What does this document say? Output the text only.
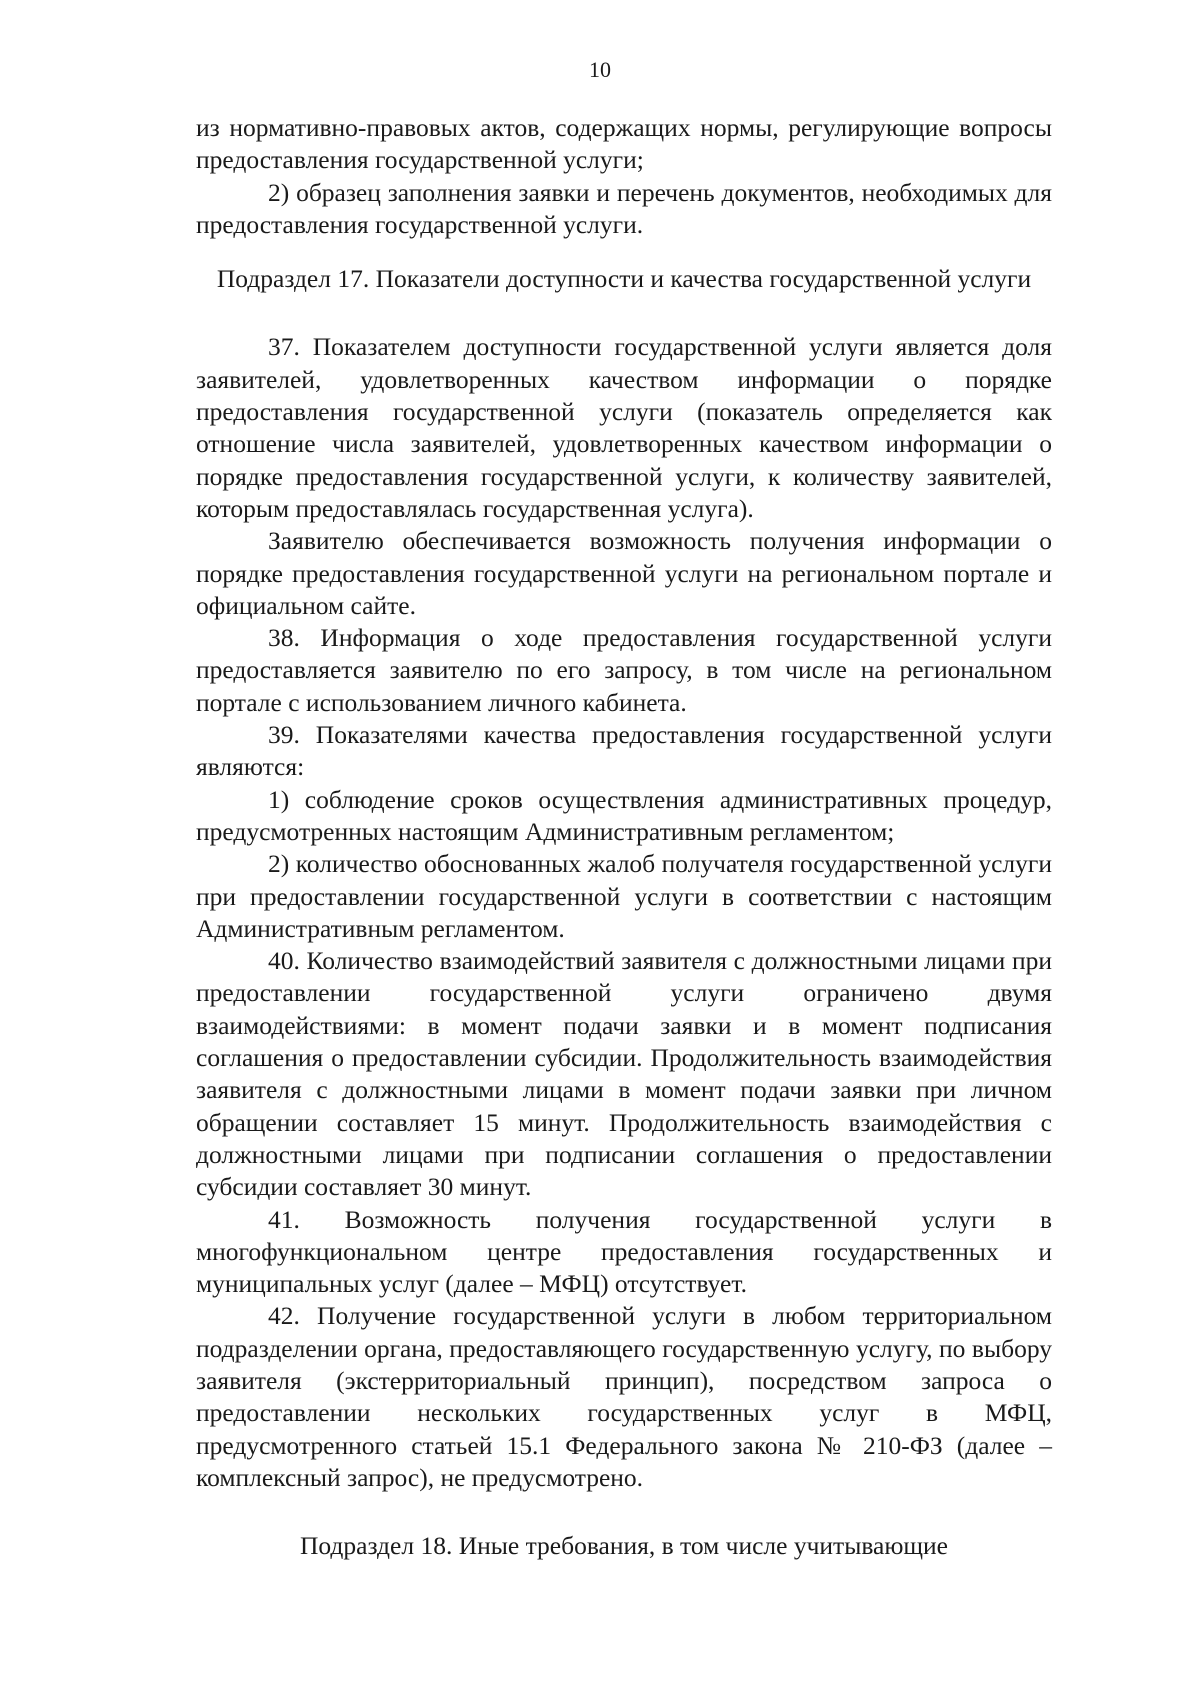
10

из нормативно-правовых актов, содержащих нормы, регулирующие вопросы предоставления государственной услуги;

2) образец заполнения заявки и перечень документов, необходимых для предоставления государственной услуги.

Подраздел 17. Показатели доступности и качества государственной услуги

37. Показателем доступности государственной услуги является доля заявителей, удовлетворенных качеством информации о порядке предоставления государственной услуги (показатель определяется как отношение числа заявителей, удовлетворенных качеством информации о порядке предоставления государственной услуги, к количеству заявителей, которым предоставлялась государственная услуга).

Заявителю обеспечивается возможность получения информации о порядке предоставления государственной услуги на региональном портале и официальном сайте.

38. Информация о ходе предоставления государственной услуги предоставляется заявителю по его запросу, в том числе на региональном портале с использованием личного кабинета.

39. Показателями качества предоставления государственной услуги являются:

1) соблюдение сроков осуществления административных процедур, предусмотренных настоящим Административным регламентом;

2) количество обоснованных жалоб получателя государственной услуги при предоставлении государственной услуги в соответствии с настоящим Административным регламентом.

40. Количество взаимодействий заявителя с должностными лицами при предоставлении государственной услуги ограничено двумя взаимодействиями: в момент подачи заявки и в момент подписания соглашения о предоставлении субсидии. Продолжительность взаимодействия заявителя с должностными лицами в момент подачи заявки при личном обращении составляет 15 минут. Продолжительность взаимодействия с должностными лицами при подписании соглашения о предоставлении субсидии составляет 30 минут.

41. Возможность получения государственной услуги в многофункциональном центре предоставления государственных и муниципальных услуг (далее – МФЦ) отсутствует.

42. Получение государственной услуги в любом территориальном подразделении органа, предоставляющего государственную услугу, по выбору заявителя (экстерриториальный принцип), посредством запроса о предоставлении нескольких государственных услуг в МФЦ, предусмотренного статьей 15.1 Федерального закона № 210-ФЗ (далее – комплексный запрос), не предусмотрено.

Подраздел 18. Иные требования, в том числе учитывающие
